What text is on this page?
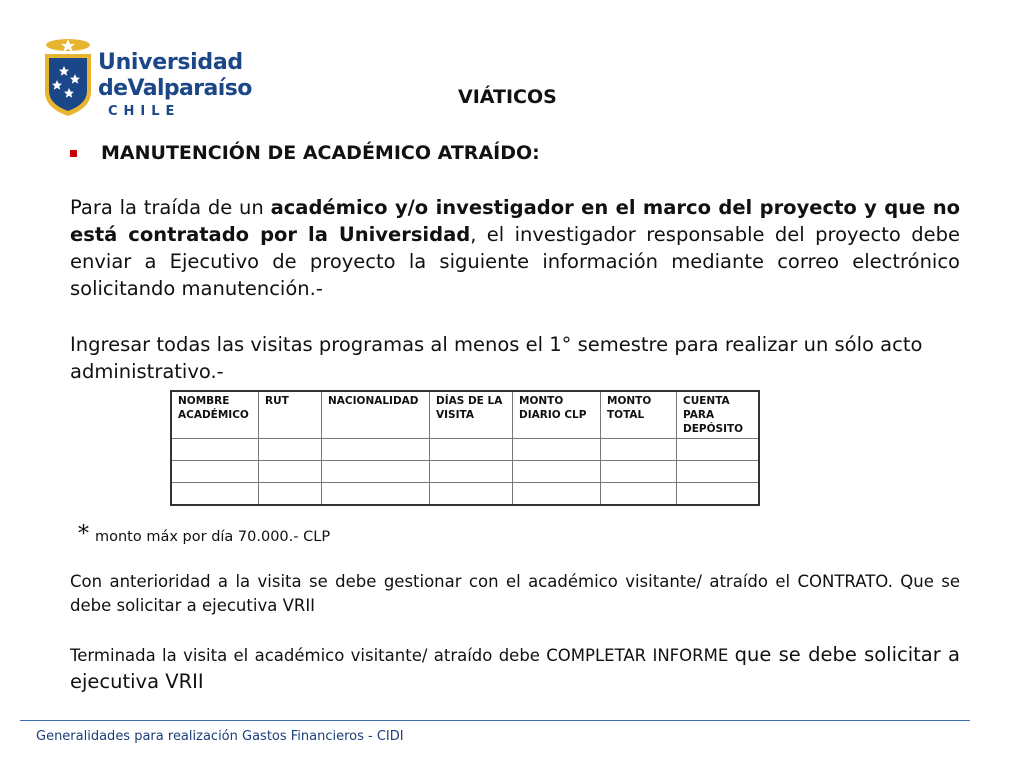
Universidad
deValparaíso
CHILE
VIÁTICOS
MANUTENCIÓN DE ACADÉMICO ATRAÍDO:
Para la traída de un académico y/o investigador en el marco del proyecto y que no está contratado por la Universidad, el investigador responsable del proyecto debe enviar a Ejecutivo de proyecto la siguiente información mediante correo electrónico solicitando manutención.-
Ingresar todas las visitas programas al menos el 1° semestre para realizar un sólo acto administrativo.-
NOMBRE ACADÉMICO	RUT	NACIONALIDAD	DÍAS DE LA VISITA	MONTO DIARIO CLP	MONTO TOTAL	CUENTA PARA DEPÓSITO

* monto máx por día 70.000.- CLP
Con anterioridad a la visita se debe gestionar con el académico visitante/ atraído el CONTRATO. Que se debe solicitar a ejecutiva VRII
Terminada la visita el académico visitante/ atraído debe COMPLETAR INFORME que se debe solicitar a ejecutiva VRII
Generalidades para realización Gastos Financieros - CIDI
